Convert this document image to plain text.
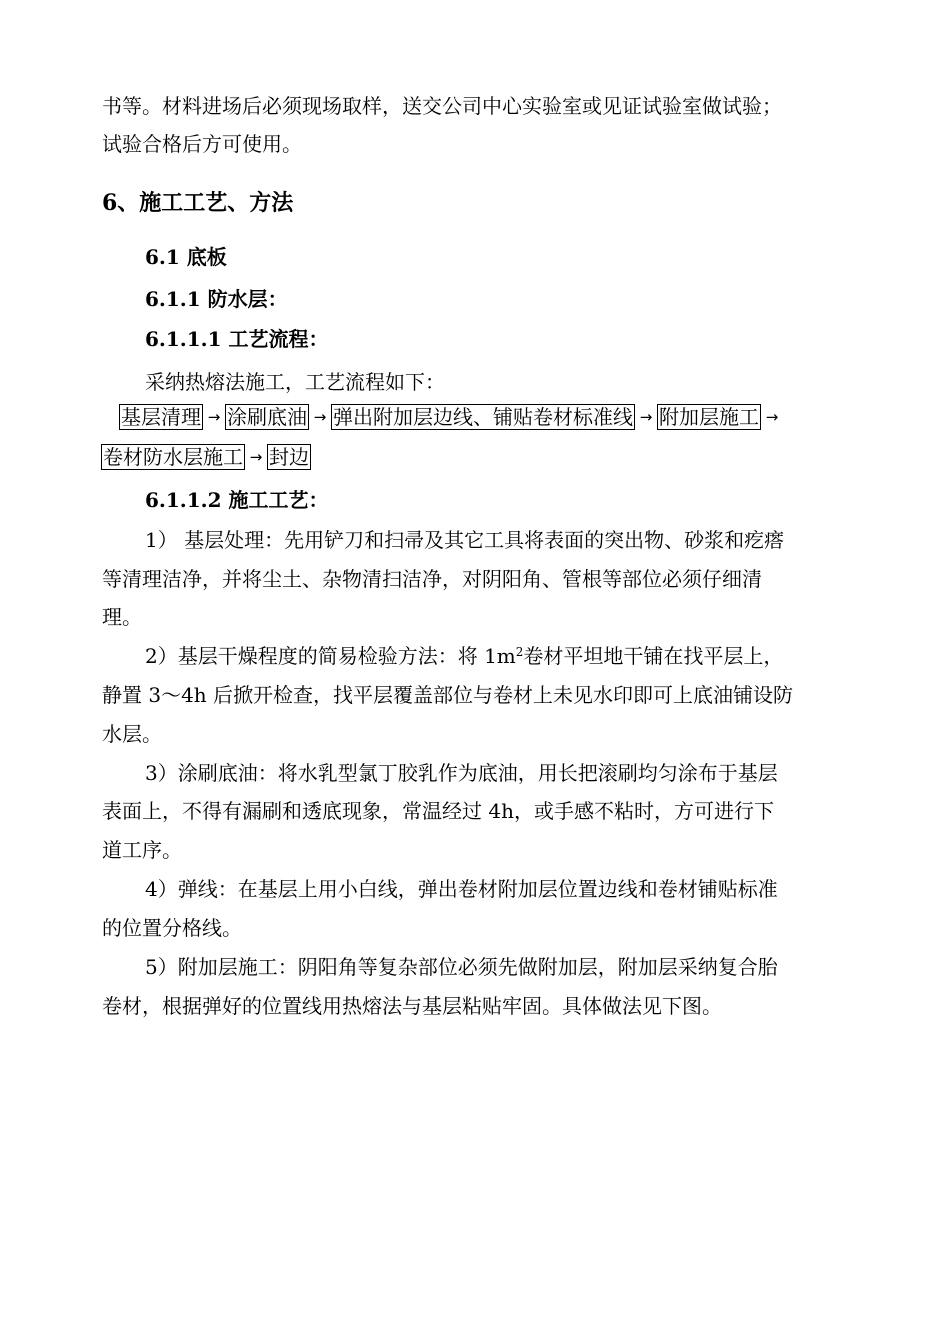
书等。材料进场后必须现场取样，送交公司中心实验室或见证试验室做试验；
试验合格后方可使用。
6、施工工艺、方法
6.1 底板
6.1.1 防水层：
6.1.1.1 工艺流程：
采纳热熔法施工，工艺流程如下：
基层清理 → 涂刷底油 → 弹出附加层边线、铺贴卷材标准线 → 附加层施工 →
卷材防水层施工 → 封边
6.1.1.2 施工工艺：
1） 基层处理：先用铲刀和扫帚及其它工具将表面的突出物、砂浆和疙瘩
等清理洁净，并将尘土、杂物清扫洁净，对阴阳角、管根等部位必须仔细清
理。
2）基层干燥程度的简易检验方法：将 $1m^2$卷材平坦地干铺在找平层上，
静置 3～4h 后掀开检查，找平层覆盖部位与卷材上未见水印即可上底油铺设防
水层。
3）涂刷底油：将水乳型氯丁胶乳作为底油，用长把滚刷均匀涂布于基层
表面上，不得有漏刷和透底现象，常温经过 4h，或手感不粘时，方可进行下
道工序。
4）弹线：在基层上用小白线，弹出卷材附加层位置边线和卷材铺贴标准
的位置分格线。
5）附加层施工：阴阳角等复杂部位必须先做附加层，附加层采纳复合胎
卷材，根据弹好的位置线用热熔法与基层粘贴牢固。具体做法见下图。
